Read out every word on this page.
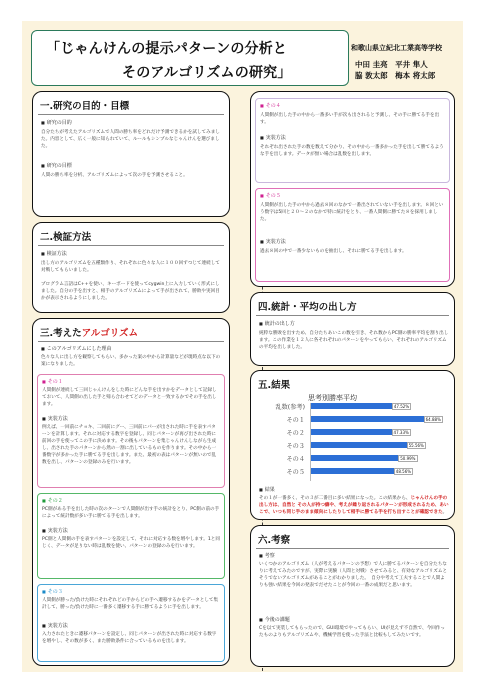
「じゃんけんの提示パターンの分析と
そのアルゴリズムの研究」
和歌山県立紀北工業高等学校
中田 圭亮　平井 隼人
脇 敦太郎　梅本 将太郎
一.研究の目的・目標
■ 研究の目的
自分たちが考えたアルゴリズムで人間の勝ち率をどれだけ予測できるかを試してみました。内容として、広く一般に知られていて、ルールもシンプルなじゃんけんを選びました。
■ 研究の目標
人間の勝ち率を分析、アルゴリズムによって次の手を予測させること。
二.検証方法
■ 検証方法
出し方のアルゴリズムを五種類作り、それぞれに色々な人に１００回ずつじて連続して対戦してもらいました。
プログラム言語はC++を使い、キーボードを使ってcygwin上に入力していく形式にしました。自分の手を出すと、相手のアルゴリズムによって手が出されて、勝敗や実回目かが表示されるようにしました。
三.考えたアルゴリズム
■ このアルゴリズムにした理由
色々な人に出し方を観察してもらい、多かった案の中から計算量などが現時点な以下の案になりました。
■ その１
人間側が連続して三回じゃんけんをした時にどんな手を出すかをデータとして記録しておいて、人間側の出した手と帰ら合わせてどのデータと一致するかでその手を出します。
■ 実装方法
例えば、一回前にチョキ、二回前にグー、三回前にパーが出された時に手を表すパターンを計算します。それに対応する数字を登録し、同じパターンが再び出された時に前回の手を使ってこの手に決めます。その後もパターンを集じゃんけんしながら生成し、出された手のパターンから然の一割に出しているものを作ります。その中から一番数字が多かった手に勝てる手を出します。また、最初の表はパターンが無いので乱数を出し、パターンの登録のみを行います。
■ その２
PC側がある手を出した時の次のターンで人間側が出す手の統計をとり、PC側の前の手によって統計数が多い手に勝てる手を出します。
■ 実装方法
PC側と人間側の手を表すパターンを設定して、それに対応する数を増やします。1と同じく、データが足りない時は乱数を使い、パターンの登録のみを行います。
■ その３
人間側が勝った/負けた時にそれぞれどの手からどの手へ遷移するかをデータとして集計して、勝った/負けた時に一番多く遷移する手に勝てるように手を出します。
■ 実装方法
入力されたときに遷移パターンを設定し、同じパターンが出された時に対応する数字を増やし、その数が多く、また勝敗条件に合っているものを出します。
■ その４
人間側が出した手の中から一番多い手が次も出されると予測し、その手に勝てる手を出す。
■ 実装方法
それぞれ出された手の数を数えて分かり、その中から一番多かった手を出して勝てるような手を出します。データが無い場合は乱数を出します。
■ その５
人間側が出した手の中から過去８回のなかで一番出されていない手を出します。８回という数字は5回と２０～２のなかで特に統計をとり、一番人間側に勝てた８を採用しました。
■ 実装方法
過去８回の中で一番少ないものを抽出し、それに勝てる手を出します。
四.統計・平均の出し方
■ 統計の出し方
純粋な勝敗を出すため、自分たちあいこの数を引き、それ数からPC側の勝率平均を割り出します。この作業を１２人に各それぞれのパターンをやってもらい、それぞれのアルゴリズムの平均を出しました。
五.結果
思考別勝率平均
乱数(参考)	47.52%
その１	64.88%
その２	47.33%
その３	55.56%
その４	50.99%
その５	48.56%
■ 結果
その１が一番多く、その３が二番目に多い結果になった。この結果から、じゃんけんの手の出し方は、自然と その人が持つ癖や、考えが繰り返されるパターンが形成されるため、あいこで、いつも同じ手のまま傾向にしたりして相手に勝てる手を打ち出すことが確認できた。
六.考察
■ 考察
いくつかのアルゴリズム（人が考えるパターンの予想）で人に勝てるパターンを自分たちなりに考えてみたのですが、実際に実験（人間と対戦）させてみると、有効なアルゴリズムとそうでないアルゴリズムがあることがわかりました。　自分や考えて工夫することで人間よりも強い結果を今回の発表でだせたことが今回の一番の成果だと思います。
■ 今後の課題
Cを以て実装してもらったので、GUI環境でやってもらい、UIが見えず不自然で、今回作ったものよりもアルゴリズムや、機械学習を使った手法と比較もしてみたいです。
